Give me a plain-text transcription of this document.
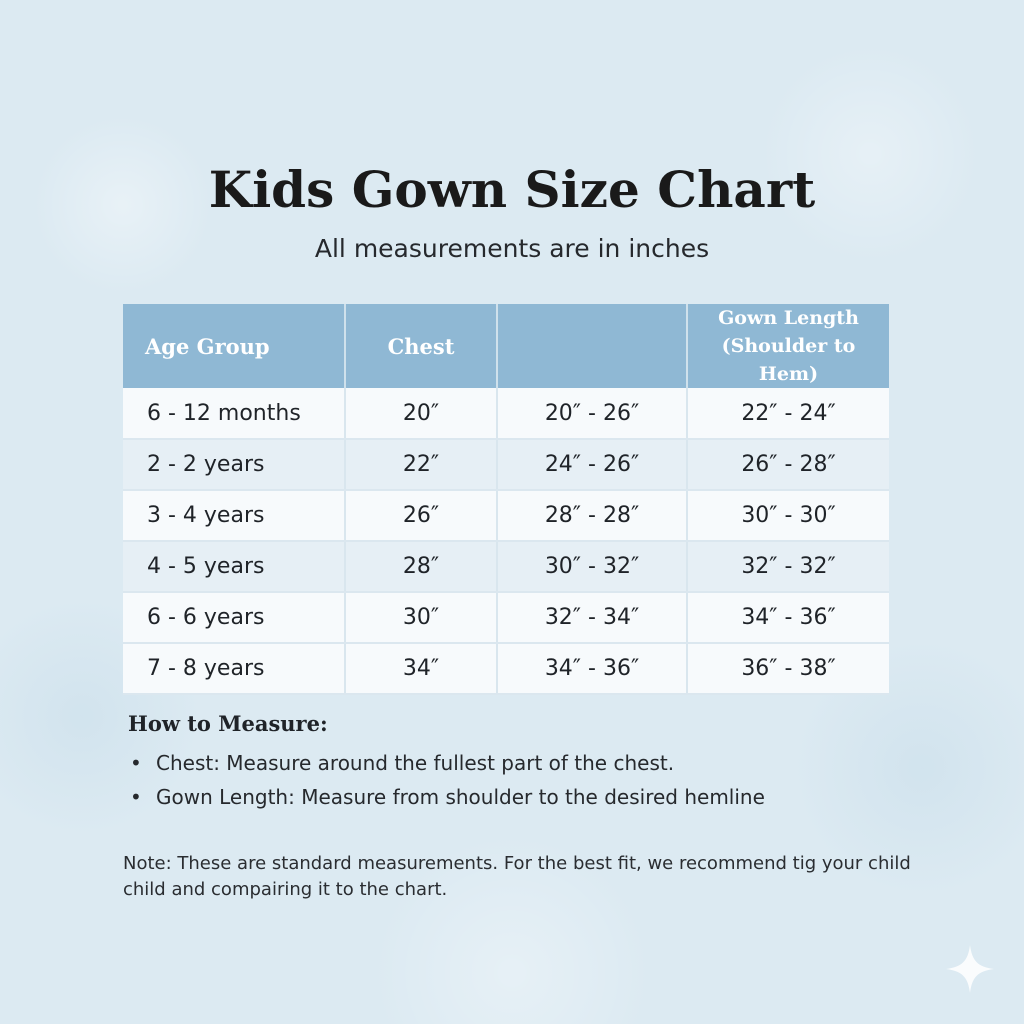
Kids Gown Size Chart
All measurements are in inches
Age Group	Chest		Gown Length
(Shoulder to Hem)

6 - 12 months	20″	20″ - 26″	22″ - 24″
2 - 2 years	22″	24″ - 26″	26″ - 28″
3 - 4 years	26″	28″ - 28″	30″ - 30″
4 - 5 years	28″	30″ - 32″	32″ - 32″
6 - 6 years	30″	32″ - 34″	34″ - 36″
7 - 8 years	34″	34″ - 36″	36″ - 38″
How to Measure:
• Chest: Measure around the fullest part of the chest.
• Gown Length: Measure from shoulder to the desired hemline
Note: These are standard measurements. For the best fit, we recommend tig your child
child and compairing it to the chart.
